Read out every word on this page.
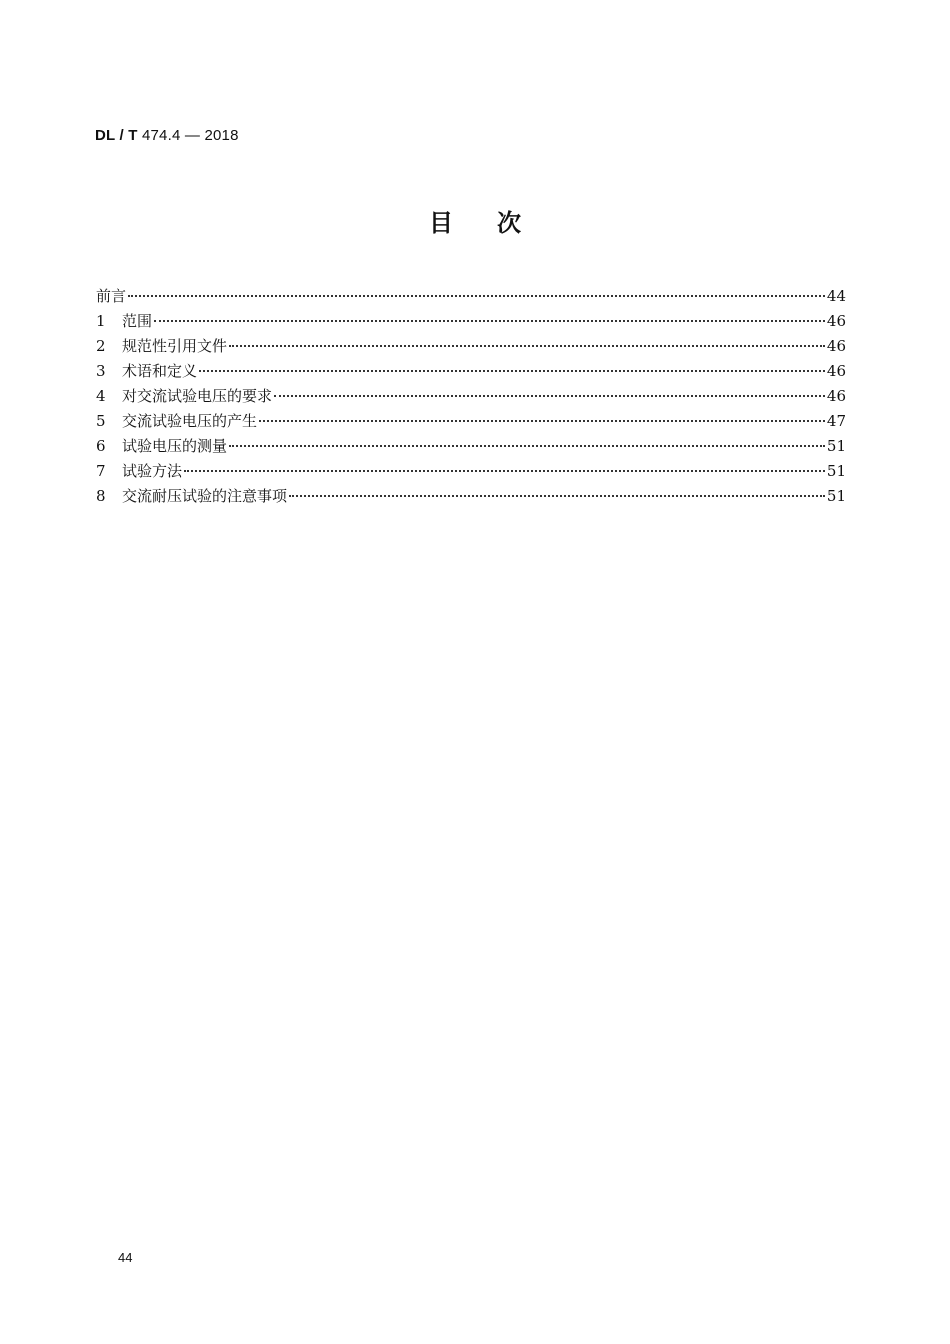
DL / T 474.4 — 2018
目次
前言	44
1	范围	46
2	规范性引用文件	46
3	术语和定义	46
4	对交流试验电压的要求	46
5	交流试验电压的产生	47
6	试验电压的测量	51
7	试验方法	51
8	交流耐压试验的注意事项	51
44
